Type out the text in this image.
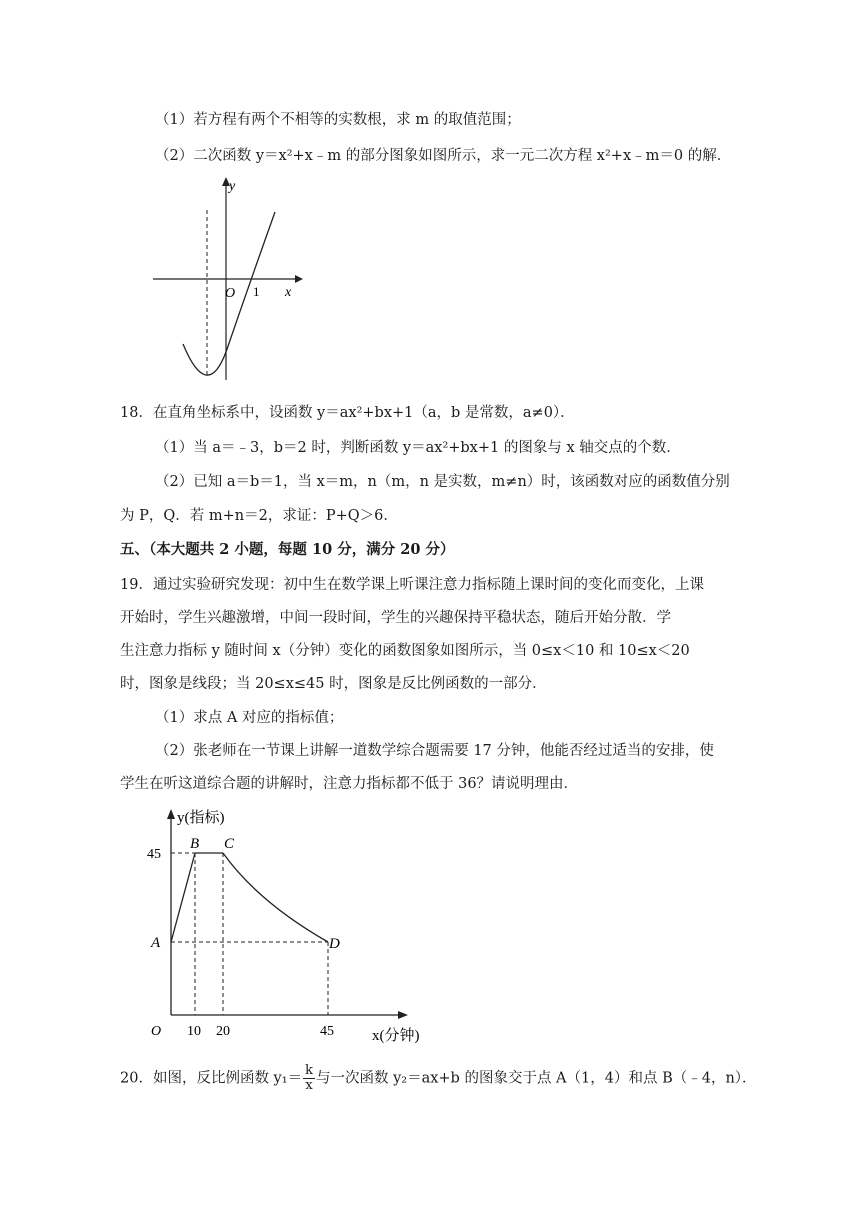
（1）若方程有两个不相等的实数根，求 m 的取值范围；
（2）二次函数 y＝x²+x﹣m 的部分图象如图所示，求一元二次方程 x²+x﹣m＝0 的解．
y
x
O 1
18．在直角坐标系中，设函数 y＝ax²+bx+1（a，b 是常数，a≠0）．
（1）当 a＝﹣3，b＝2 时，判断函数 y＝ax²+bx+1 的图象与 x 轴交点的个数．
（2）已知 a＝b＝1，当 x＝m，n（m，n 是实数，m≠n）时，该函数对应的函数值分别
为 P，Q．若 m+n＝2，求证：P+Q＞6．
五、（本大题共 2 小题，每题 10 分，满分 20 分）
19．通过实验研究发现：初中生在数学课上听课注意力指标随上课时间的变化而变化，上课
开始时，学生兴趣激增，中间一段时间，学生的兴趣保持平稳状态，随后开始分散．学
生注意力指标 y 随时间 x（分钟）变化的函数图象如图所示，当 0≤x＜10 和 10≤x＜20
时，图象是线段；当 20≤x≤45 时，图象是反比例函数的一部分．
（1）求点 A 对应的指标值；
（2）张老师在一节课上讲解一道数学综合题需要 17 分钟，他能否经过适当的安排，使
学生在听这道综合题的讲解时，注意力指标都不低于 36？请说明理由．
y(指标)
x(分钟)
O
45
10 20	45
A
B C
D
20．如图，反比例函数 $y_1= \frac{k}{x}$ 与一次函数 y₂＝ax+b 的图象交于点 A（1，4）和点 B（﹣4，n）．
